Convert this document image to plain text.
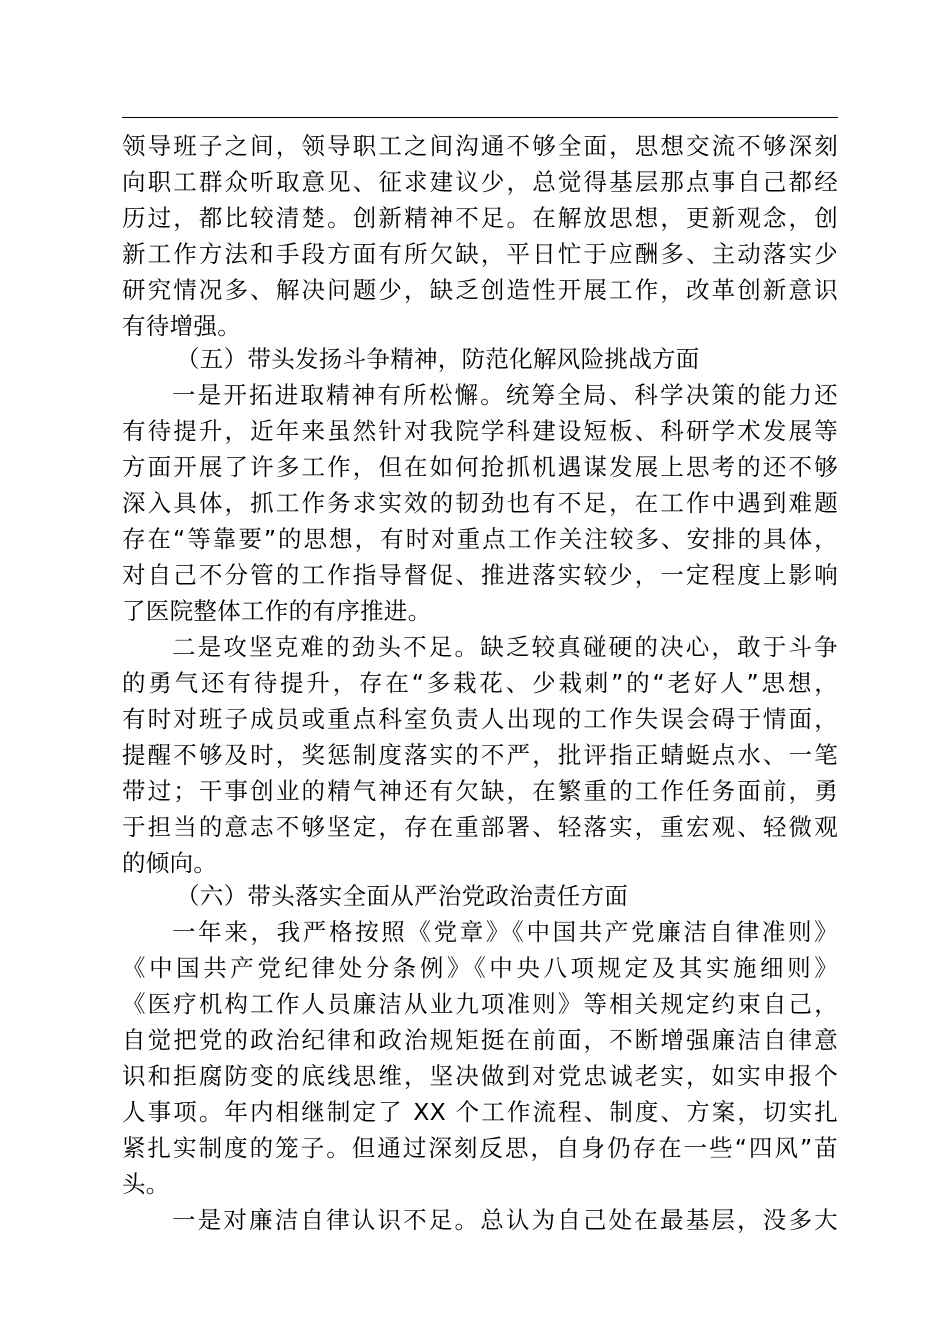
领导班子之间，领导职工之间沟通不够全面，思想交流不够深刻
向职工群众听取意见、征求建议少，总觉得基层那点事自己都经
历过，都比较清楚。创新精神不足。在解放思想，更新观念，创
新工作方法和手段方面有所欠缺，平日忙于应酬多、主动落实少
研究情况多、解决问题少，缺乏创造性开展工作，改革创新意识
有待增强。
（五）带头发扬斗争精神，防范化解风险挑战方面
一是开拓进取精神有所松懈。统筹全局、科学决策的能力还
有待提升，近年来虽然针对我院学科建设短板、科研学术发展等
方面开展了许多工作，但在如何抢抓机遇谋发展上思考的还不够
深入具体，抓工作务求实效的韧劲也有不足，在工作中遇到难题
存在“等靠要”的思想，有时对重点工作关注较多、安排的具体，
对自己不分管的工作指导督促、推进落实较少，一定程度上影响
了医院整体工作的有序推进。
二是攻坚克难的劲头不足。缺乏较真碰硬的决心，敢于斗争
的勇气还有待提升，存在“多栽花、少栽刺”的“老好人”思想，
有时对班子成员或重点科室负责人出现的工作失误会碍于情面，
提醒不够及时，奖惩制度落实的不严，批评指正蜻蜓点水、一笔
带过；干事创业的精气神还有欠缺，在繁重的工作任务面前，勇
于担当的意志不够坚定，存在重部署、轻落实，重宏观、轻微观
的倾向。
（六）带头落实全面从严治党政治责任方面
一年来，我严格按照《党章》《中国共产党廉洁自律准则》
《中国共产党纪律处分条例》《中央八项规定及其实施细则》
《医疗机构工作人员廉洁从业九项准则》等相关规定约束自己，
自觉把党的政治纪律和政治规矩挺在前面，不断增强廉洁自律意
识和拒腐防变的底线思维，坚决做到对党忠诚老实，如实申报个
人事项。年内相继制定了 XX 个工作流程、制度、方案，切实扎
紧扎实制度的笼子。但通过深刻反思，自身仍存在一些“四风”苗
头。
一是对廉洁自律认识不足。总认为自己处在最基层，没多大
